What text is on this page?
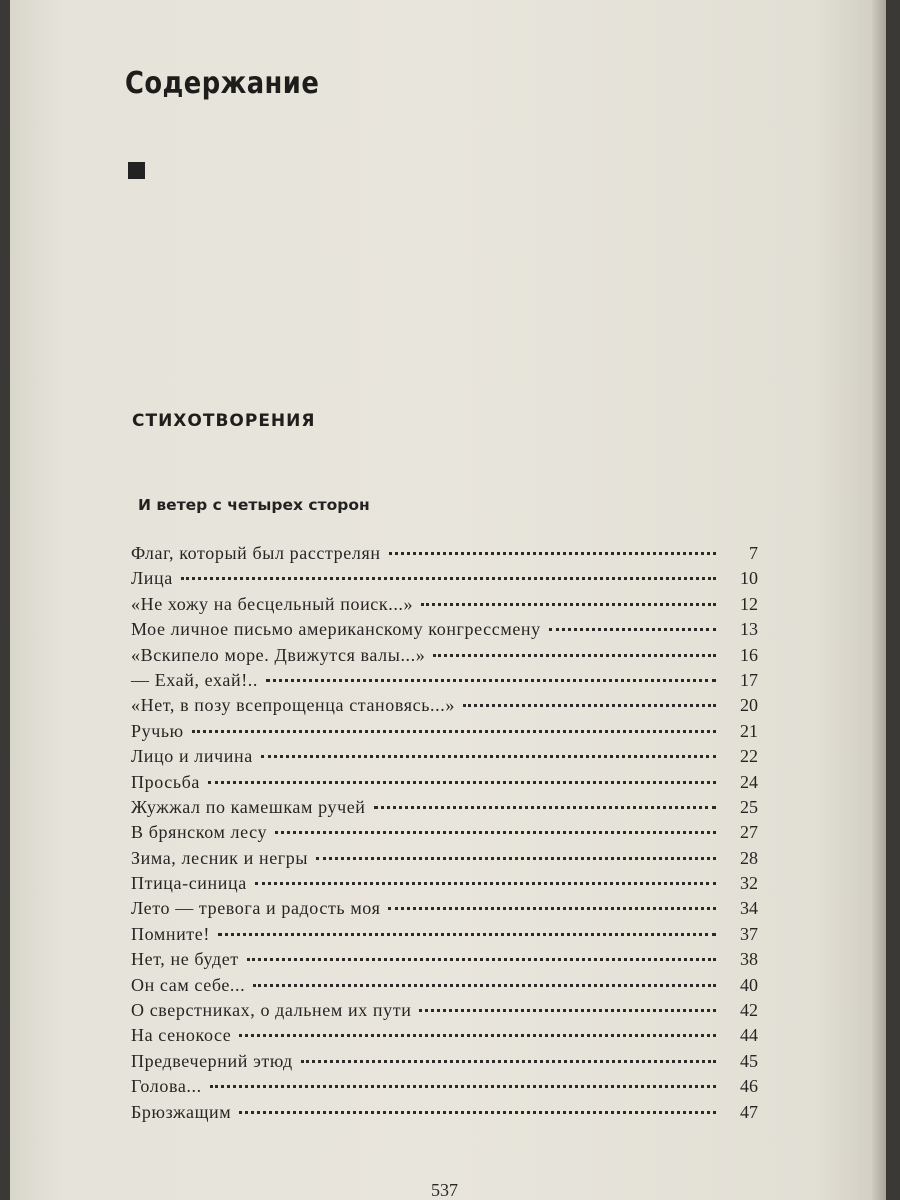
Содержание
СТИХОТВОРЕНИЯ
И ветер с четырех сторон
Флаг, который был расстрелян	7
Лица	10
«Не хожу на бесцельный поиск...»	12
Мое личное письмо американскому конгрессмену	13
«Вскипело море. Движутся валы...»	16
— Ехай, ехай!..	17
«Нет, в позу всепрощенца становясь...»	20
Ручью	21
Лицо и личина	22
Просьба	24
Жужжал по камешкам ручей	25
В брянском лесу	27
Зима, лесник и негры	28
Птица-синица	32
Лето — тревога и радость моя	34
Помните!	37
Нет, не будет	38
Он сам себе...	40
О сверстниках, о дальнем их пути	42
На сенокосе	44
Предвечерний этюд	45
Голова...	46
Брюзжащим	47
537
